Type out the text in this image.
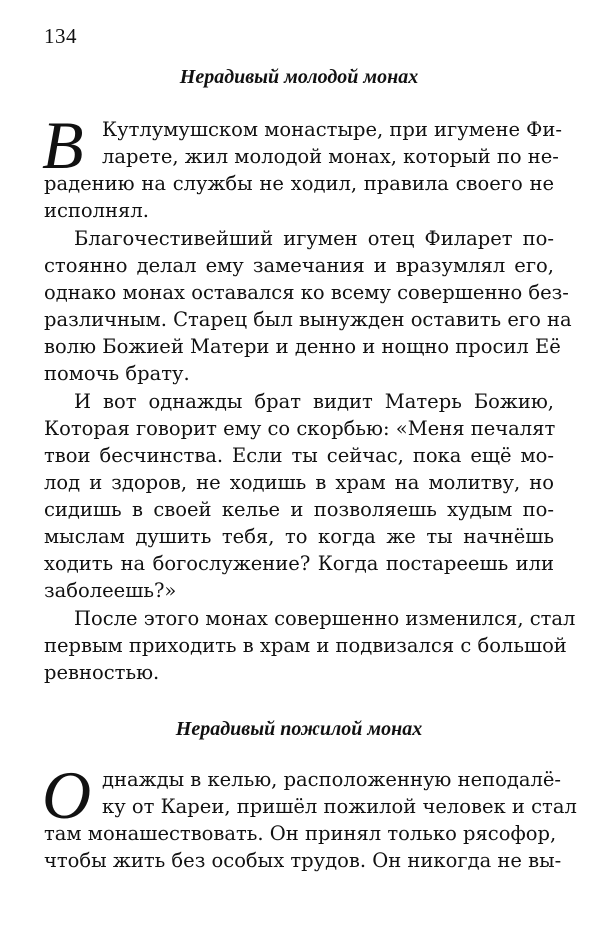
134
Нерадивый молодой монах
В Кутлумушском монастыре, при игумене Фи-
ларете, жил молодой монах, который по не-
радению на службы не ходил, правила своего не
исполнял.
Благочестивейший игумен отец Филарет по-
стоянно делал ему замечания и вразумлял его,
однако монах оставался ко всему совершенно без-
различным. Старец был вынужден оставить его на
волю Божией Матери и денно и нощно просил Её
помочь брату.
И вот однажды брат видит Матерь Божию,
Которая говорит ему со скорбью: «Меня печалят
твои бесчинства. Если ты сейчас, пока ещё мо-
лод и здоров, не ходишь в храм на молитву, но
сидишь в своей келье и позволяешь худым по-
мыслам душить тебя, то когда же ты начнёшь
ходить на богослужение? Когда постареешь или
заболеешь?»
После этого монах совершенно изменился, стал
первым приходить в храм и подвизался с большой
ревностью.
Нерадивый пожилой монах
О днажды в келью, расположенную неподалё-
ку от Кареи, пришёл пожилой человек и стал
там монашествовать. Он принял только рясофор,
чтобы жить без особых трудов. Он никогда не вы-
